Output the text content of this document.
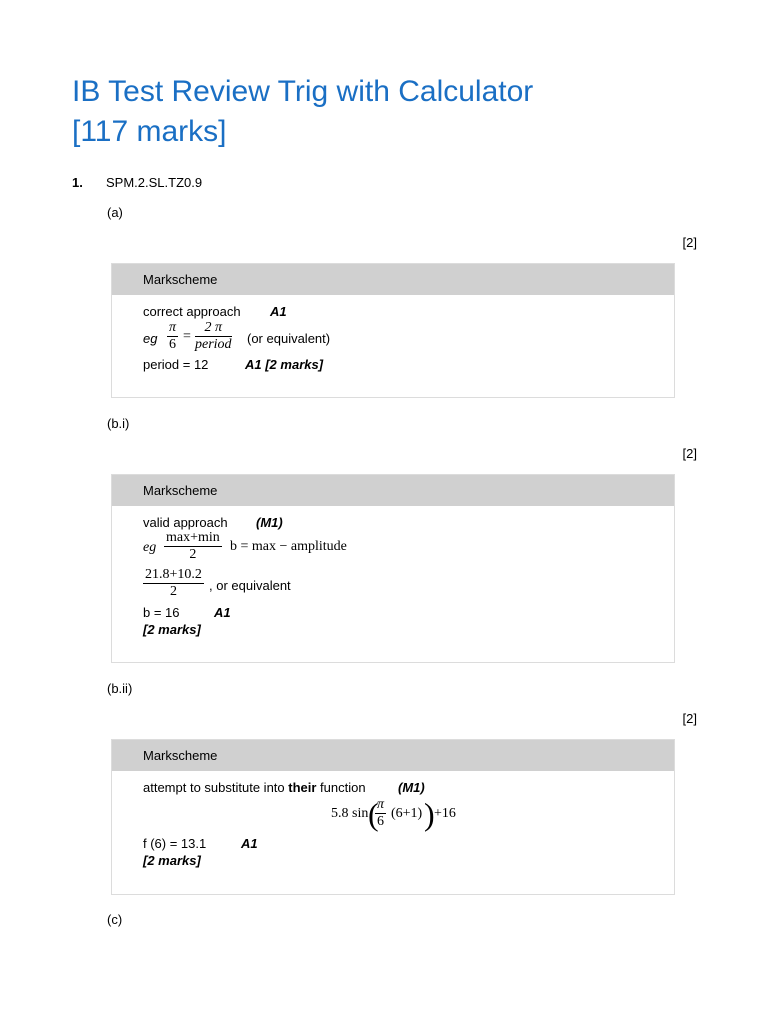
IB Test Review Trig with Calculator
[117 marks]
1. SPM.2.SL.TZ0.9
(a)
[2]
Markscheme
correct approach A1
eg $\frac{\pi}{6}$ =
2 π
period (or equivalent)
period = 12	A1 [2 marks]
(b.i)
[2]
Markscheme
valid approach (M1)
eg
max+min
2
b = max − amplitude
$\frac{21.8+10.2}{2}$ , or equivalent
b = 16	A1
[2 marks]
(b.ii)
[2]
Markscheme
attempt to substitute into their function (M1)
5.8 sin (
$\frac{\pi}{6} (6+1)$ ) +16
f (6) = 13.1	A1
[2 marks]
(c)
